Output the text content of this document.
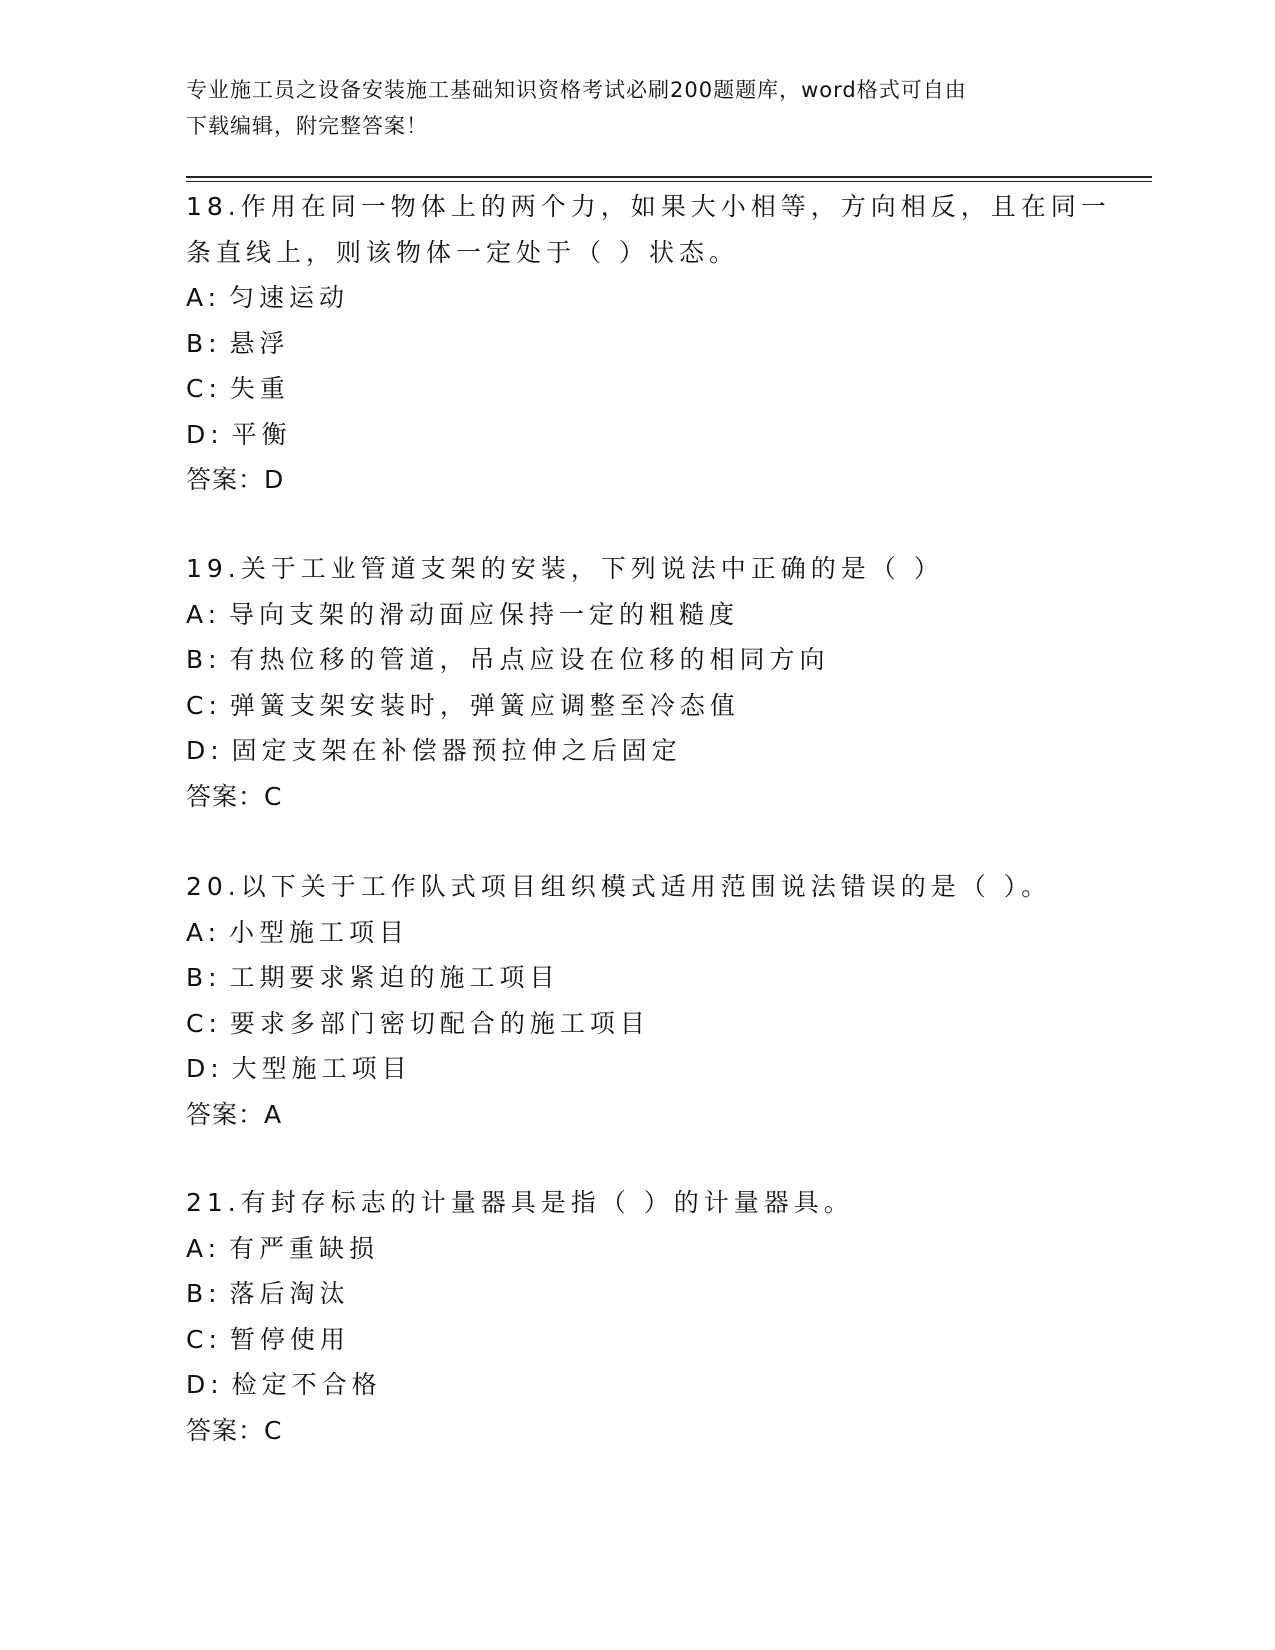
专业施工员之设备安装施工基础知识资格考试必刷200题题库，word格式可自由
下载编辑，附完整答案！
18.作用在同一物体上的两个力，如果大小相等，方向相反，且在同一
条直线上，则该物体一定处于（ ）状态。
A: 匀速运动
B: 悬浮
C: 失重
D: 平衡
答案：D
19.关于工业管道支架的安装，下列说法中正确的是（ ）
A: 导向支架的滑动面应保持一定的粗糙度
B: 有热位移的管道，吊点应设在位移的相同方向
C: 弹簧支架安装时，弹簧应调整至冷态值
D: 固定支架在补偿器预拉伸之后固定
答案：C
20.以下关于工作队式项目组织模式适用范围说法错误的是（ ）。
A: 小型施工项目
B: 工期要求紧迫的施工项目
C: 要求多部门密切配合的施工项目
D: 大型施工项目
答案：A
21.有封存标志的计量器具是指（ ）的计量器具。
A: 有严重缺损
B: 落后淘汰
C: 暂停使用
D: 检定不合格
答案：C
